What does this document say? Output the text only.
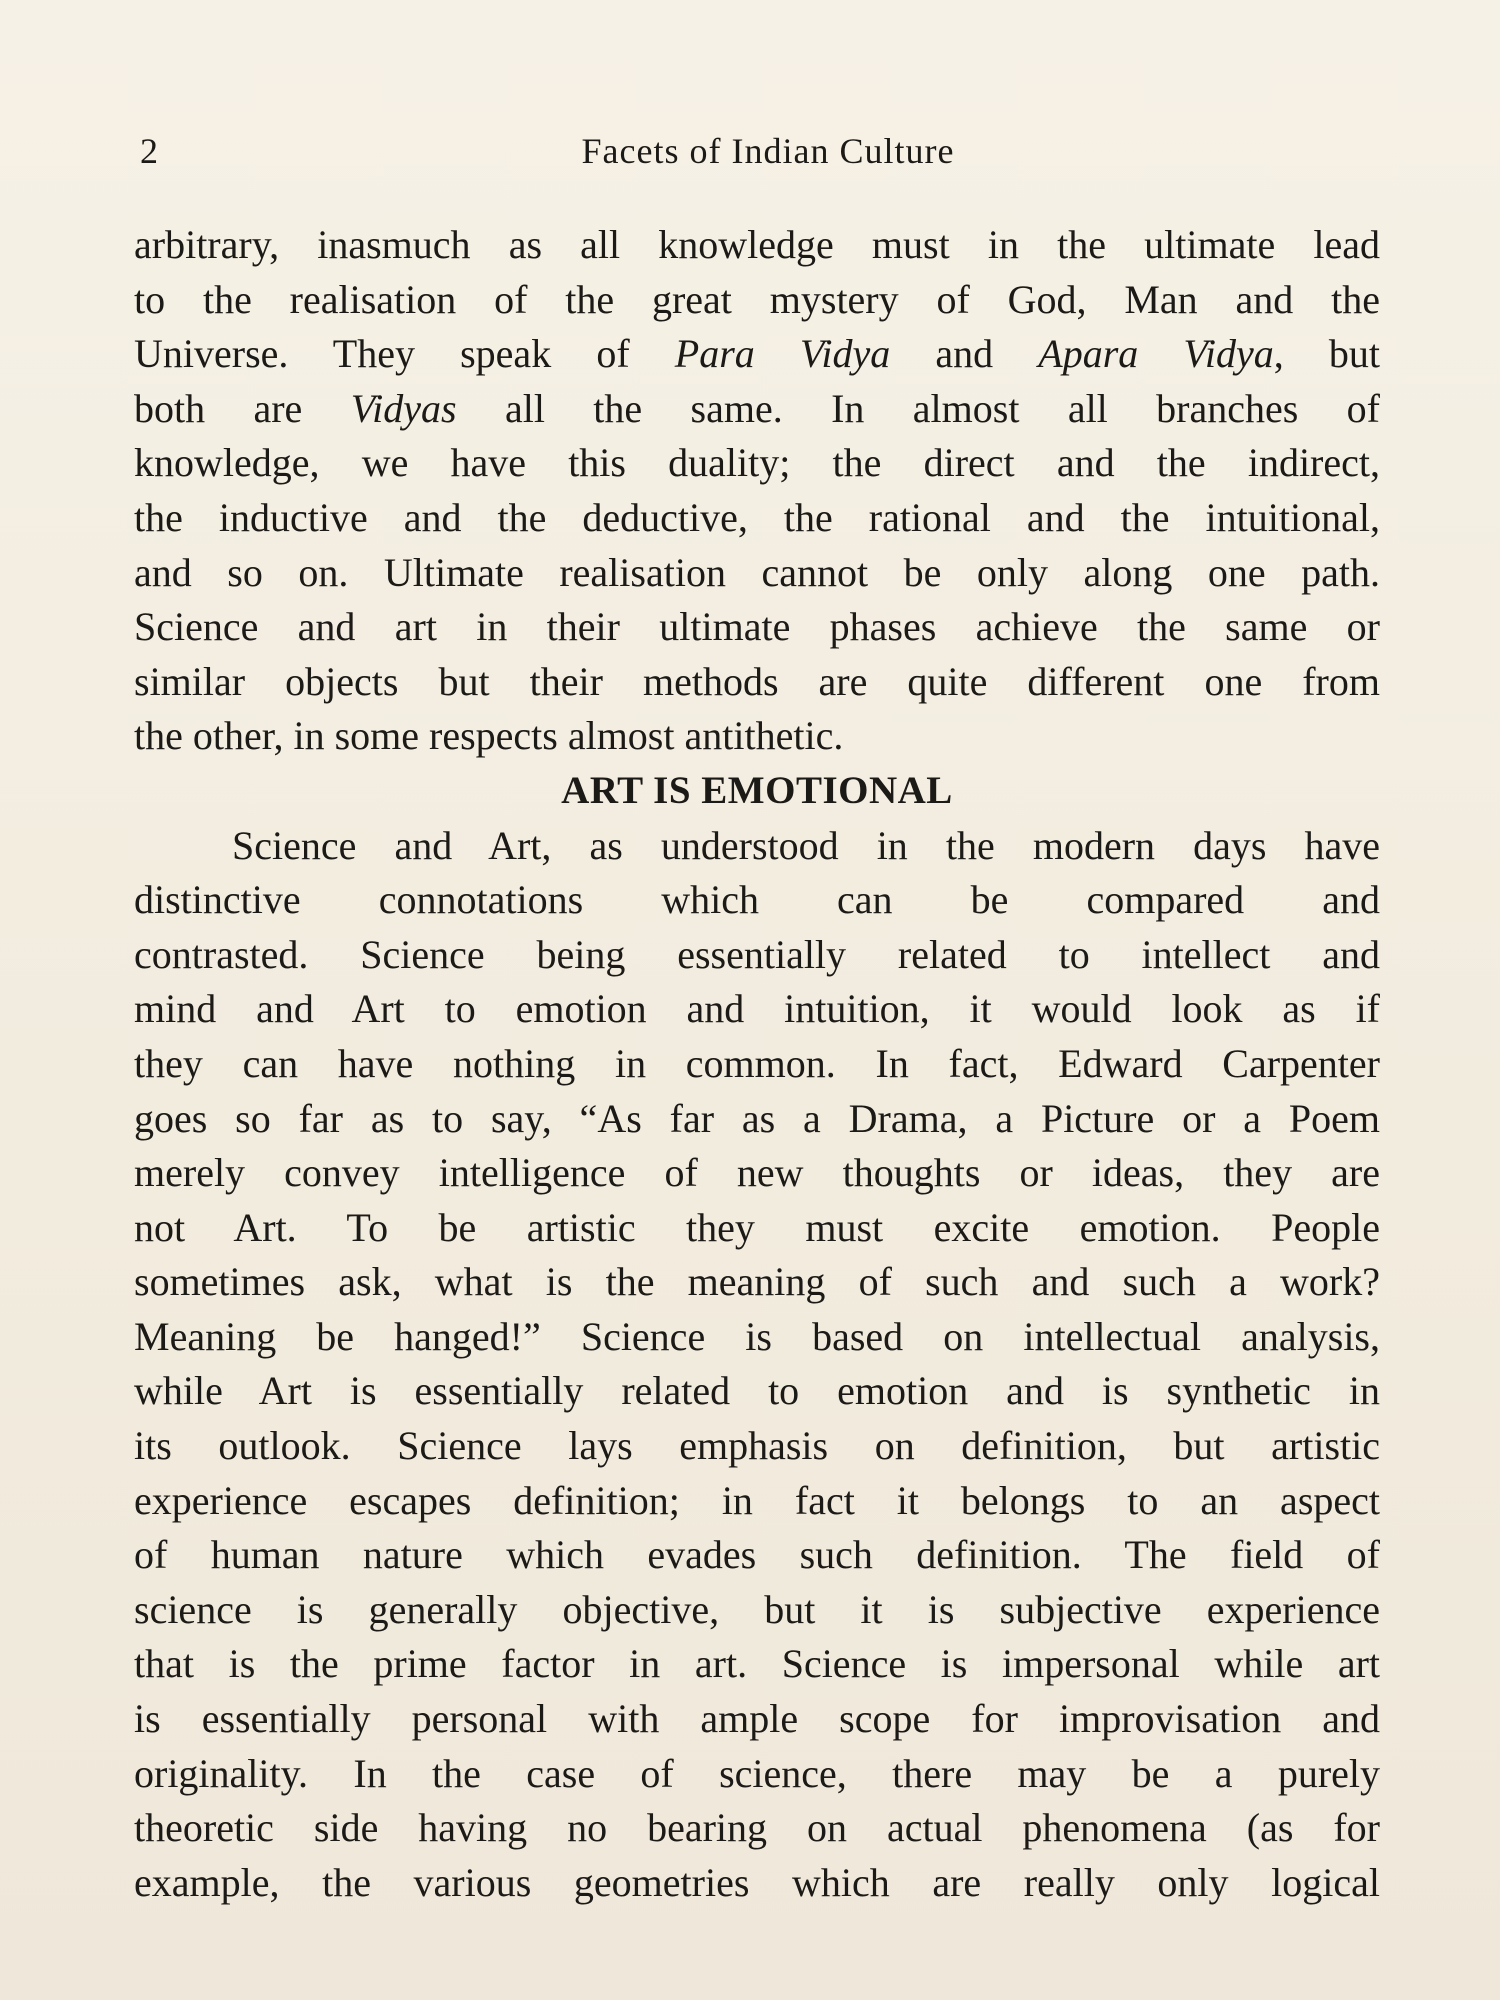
2	Facets of Indian Culture
arbitrary, inasmuch as all knowledge must in the ultimate lead
to the realisation of the great mystery of God, Man and the
Universe. They speak of Para Vidya and Apara Vidya, but
both are Vidyas all the same. In almost all branches of
knowledge, we have this duality; the direct and the indirect,
the inductive and the deductive, the rational and the intuitional,
and so on. Ultimate realisation cannot be only along one path.
Science and art in their ultimate phases achieve the same or
similar objects but their methods are quite different one from
the other, in some respects almost antithetic.
ART IS EMOTIONAL
Science and Art, as understood in the modern days have
distinctive connotations which can be compared and
contrasted. Science being essentially related to intellect and
mind and Art to emotion and intuition, it would look as if
they can have nothing in common. In fact, Edward Carpenter
goes so far as to say, “As far as a Drama, a Picture or a Poem
merely convey intelligence of new thoughts or ideas, they are
not Art. To be artistic they must excite emotion. People
sometimes ask, what is the meaning of such and such a work?
Meaning be hanged!” Science is based on intellectual analysis,
while Art is essentially related to emotion and is synthetic in
its outlook. Science lays emphasis on definition, but artistic
experience escapes definition; in fact it belongs to an aspect
of human nature which evades such definition. The field of
science is generally objective, but it is subjective experience
that is the prime factor in art. Science is impersonal while art
is essentially personal with ample scope for improvisation and
originality. In the case of science, there may be a purely
theoretic side having no bearing on actual phenomena (as for
example, the various geometries which are really only logical
